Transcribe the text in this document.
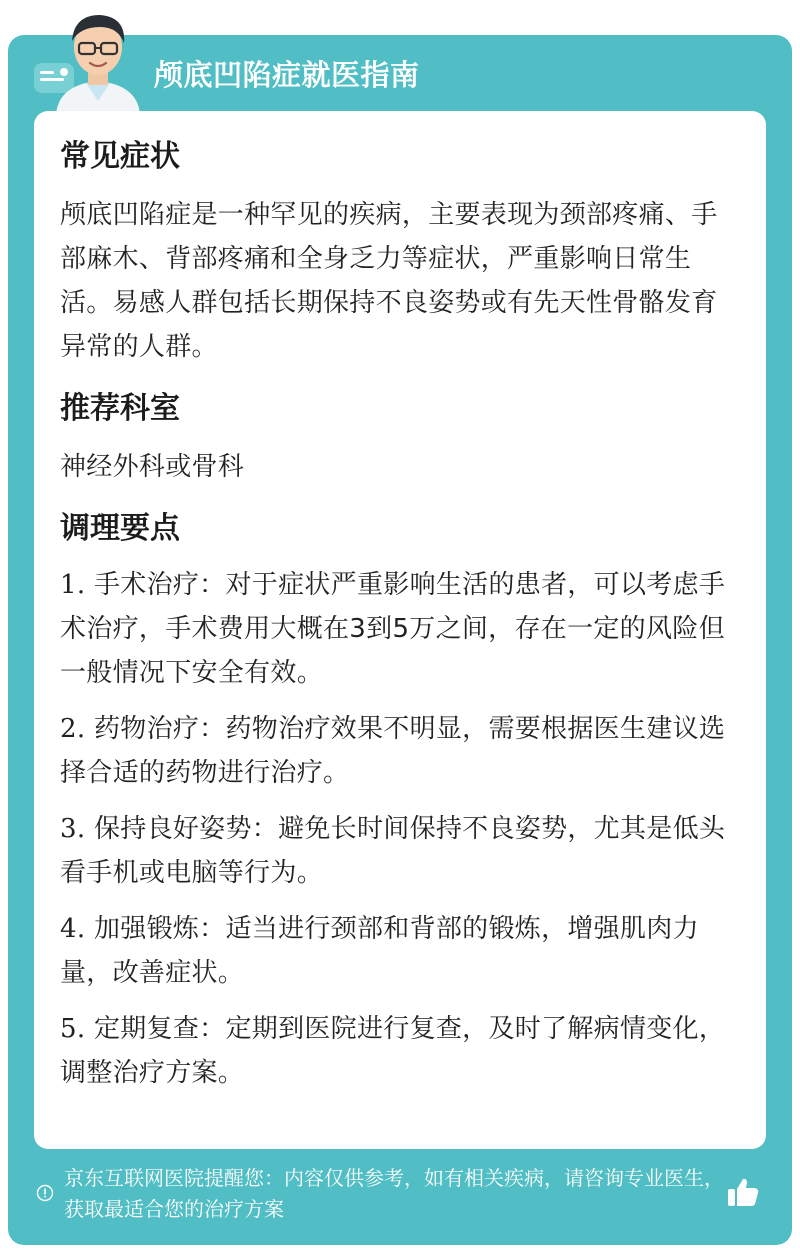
颅底凹陷症就医指南
常见症状
颅底凹陷症是一种罕见的疾病，主要表现为颈部疼痛、手部麻木、背部疼痛和全身乏力等症状，严重影响日常生活。易感人群包括长期保持不良姿势或有先天性骨骼发育异常的人群。
推荐科室
神经外科或骨科
调理要点
1. 手术治疗：对于症状严重影响生活的患者，可以考虑手术治疗，手术费用大概在3到5万之间，存在一定的风险但一般情况下安全有效。
2. 药物治疗：药物治疗效果不明显，需要根据医生建议选择合适的药物进行治疗。
3. 保持良好姿势：避免长时间保持不良姿势，尤其是低头看手机或电脑等行为。
4. 加强锻炼：适当进行颈部和背部的锻炼，增强肌肉力量，改善症状。
5. 定期复查：定期到医院进行复查，及时了解病情变化，调整治疗方案。
京东互联网医院提醒您：内容仅供参考，如有相关疾病，请咨询专业医生，获取最适合您的治疗方案
